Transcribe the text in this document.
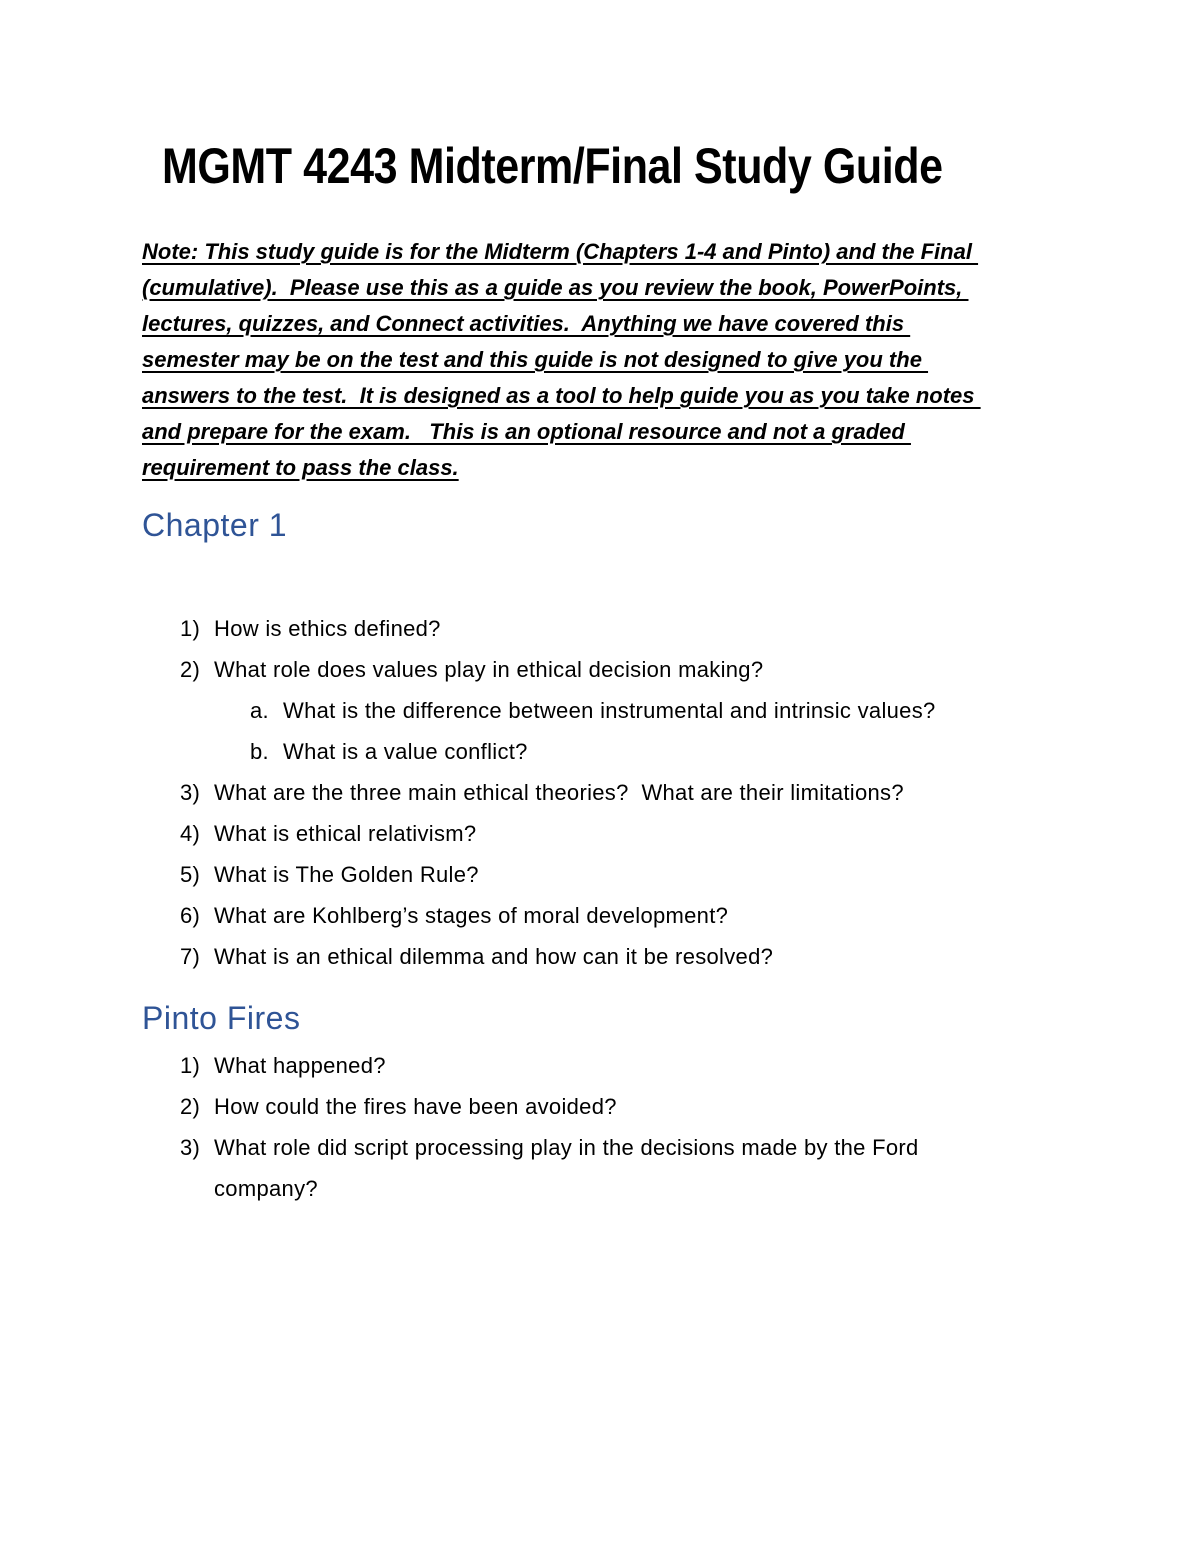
MGMT 4243 Midterm/Final Study Guide
Note: This study guide is for the Midterm (Chapters 1-4 and Pinto) and the Final
(cumulative).  Please use this as a guide as you review the book, PowerPoints,
lectures, quizzes, and Connect activities.  Anything we have covered this
semester may be on the test and this guide is not designed to give you the
answers to the test.  It is designed as a tool to help guide you as you take notes
and prepare for the exam.   This is an optional resource and not a graded
requirement to pass the class.
Chapter 1
1) How is ethics defined?
2) What role does values play in ethical decision making?
a. What is the difference between instrumental and intrinsic values?
b. What is a value conflict?
3) What are the three main ethical theories?  What are their limitations?
4) What is ethical relativism?
5) What is The Golden Rule?
6) What are Kohlberg’s stages of moral development?
7) What is an ethical dilemma and how can it be resolved?
Pinto Fires
1) What happened?
2) How could the fires have been avoided?
3) What role did script processing play in the decisions made by the Ford company?
